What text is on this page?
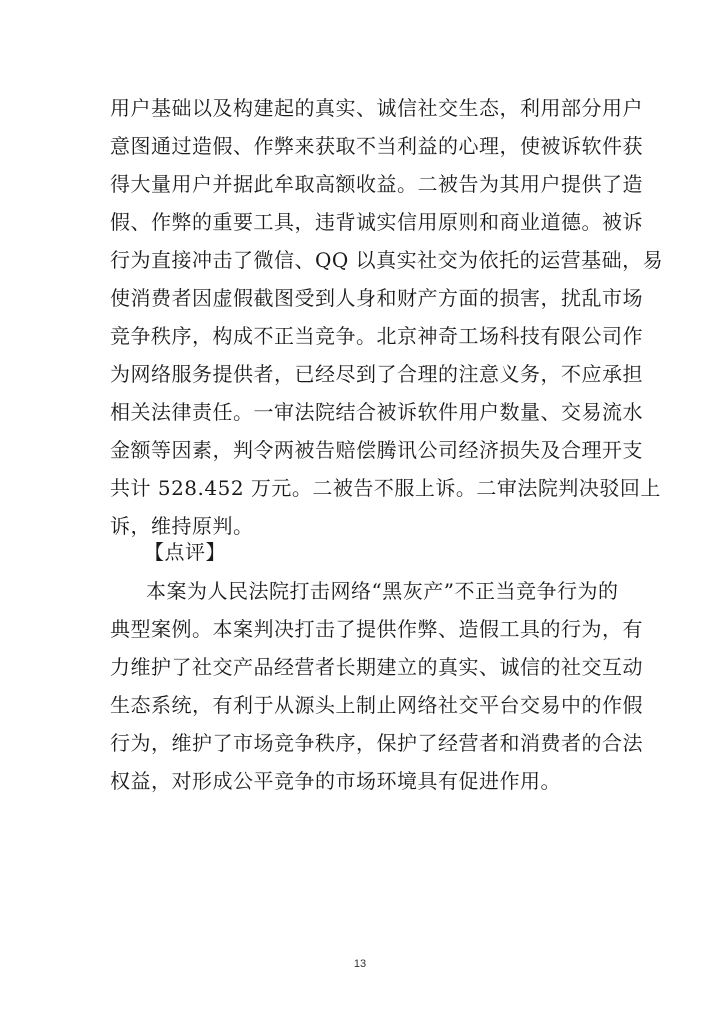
用户基础以及构建起的真实、诚信社交生态，利用部分用户
意图通过造假、作弊来获取不当利益的心理，使被诉软件获
得大量用户并据此牟取高额收益。二被告为其用户提供了造
假、作弊的重要工具，违背诚实信用原则和商业道德。被诉
行为直接冲击了微信、QQ 以真实社交为依托的运营基础，易
使消费者因虚假截图受到人身和财产方面的损害，扰乱市场
竞争秩序，构成不正当竞争。北京神奇工场科技有限公司作
为网络服务提供者，已经尽到了合理的注意义务，不应承担
相关法律责任。一审法院结合被诉软件用户数量、交易流水
金额等因素，判令两被告赔偿腾讯公司经济损失及合理开支
共计 528.452 万元。二被告不服上诉。二审法院判决驳回上
诉，维持原判。
【点评】
本案为人民法院打击网络“黑灰产”不正当竞争行为的
典型案例。本案判决打击了提供作弊、造假工具的行为，有
力维护了社交产品经营者长期建立的真实、诚信的社交互动
生态系统，有利于从源头上制止网络社交平台交易中的作假
行为，维护了市场竞争秩序，保护了经营者和消费者的合法
权益，对形成公平竞争的市场环境具有促进作用。
13
